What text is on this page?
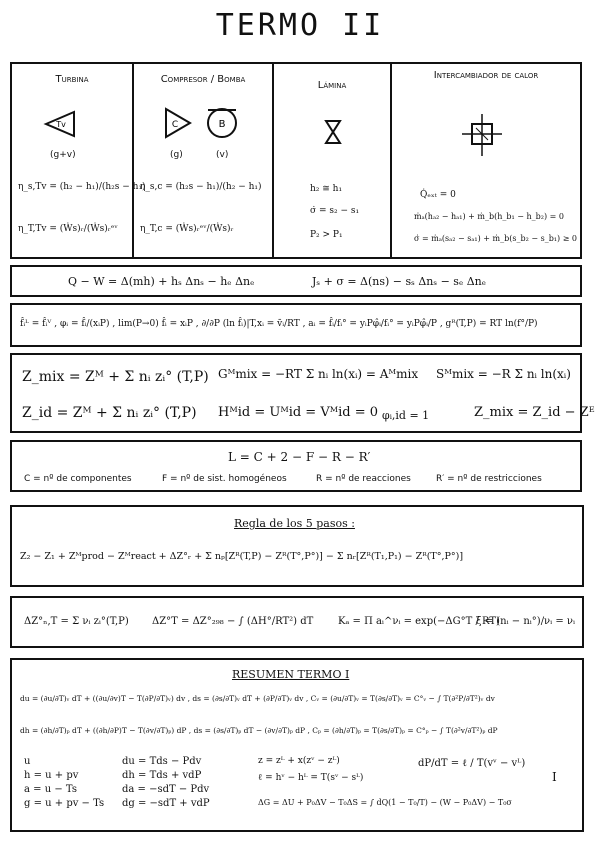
TERMO II
Turbina
Tv
(g+v)
η_s,Tv = (h₂ − h₁)/(h₂s − h₁)
η_T,Tv = (Ẇs)ᵣ/(Ẇs)ᵣᵉᵛ
Compresor / Bomba
C	B
(g)	(v)
η_s,c = (h₂s − h₁)/(h₂ − h₁)
η_T,c = (Ẇs)ᵣᵉᵛ/(Ẇs)ᵣ
Lámina
h₂ ≅ h₁
σ̇ = s₂ − s₁
P₂ > P₁
Intercambiador de calor
Q̇ₑₓₜ = 0
ṁₐ(hₐ₂ − hₐ₁) + ṁ_b(h_b₁ − h_b₂) = 0
σ̇ = ṁₐ(sₐ₂ − sₐ₁) + ṁ_b(s_b₂ − s_b₁) ≥ 0
Q − W = Δ(mh) + hₛ Δnₛ − hₑ Δnₑ	Jₛ + σ = Δ(ns) − sₛ Δnₛ − sₑ Δnₑ
f̂ᵢᴸ = f̂ᵢⱽ , φᵢ = f̂ᵢ/(xᵢP) , lim(P→0) f̂ᵢ = xᵢP , ∂/∂P (ln f̂ᵢ)|T,xᵢ = v̄ᵢ/RT , aᵢ = f̂ᵢ/fᵢ° = yᵢPφ̂ᵢ/fᵢ° = yᵢPφ̂ᵢ/P , gᴿ(T,P) = RT ln(f°/P)
Z_mix = Zᴹ + Σ nᵢ zᵢ° (T,P) Gᴹmix = −RT Σ nᵢ ln(xᵢ) = Aᴹmix Sᴹmix = −R Σ nᵢ ln(xᵢ)
Z_id = Zᴹ + Σ nᵢ zᵢ° (T,P) Hᴹid = Uᴹid = Vᴹid = 0 φᵢ,id = 1	Z_mix = Z_id − Zᴱ
L = C + 2 − F − R − R′
C = nº de componentes	F = nº de sist. homogéneos	R = nº de reacciones	R′ = nº de restricciones
Regla de los 5 pasos :
Z₂ − Z₁ + Zᴹprod − Zᴹreact + ΔZ°ᵣ + Σ nₚ[Zᴿ(T,P) − Zᴿ(T°,P°)] − Σ nᵣ[Zᴿ(T₁,P₁) − Zᴿ(T°,P°)]
ΔZ°ₙ,T = Σ νᵢ zᵢ°(T,P) ΔZ°T = ΔZ°₂₉₈ − ∫ (ΔH°/RT²) dT Kₐ = Π aᵢ^νᵢ = exp(−ΔG°T / RT)
ξ = (nᵢ − nᵢ°)/νᵢ = νᵢ
RESUMEN TERMO I
du = (∂u/∂T)ᵥ dT + ((∂u/∂v)T − T(∂P/∂T)ᵥ) dv , ds = (∂s/∂T)ᵥ dT + (∂P/∂T)ᵥ dv , Cᵥ = (∂u/∂T)ᵥ = T(∂s/∂T)ᵥ = C°ᵥ − ∫ T(∂²P/∂T²)ᵥ dv
dh = (∂h/∂T)ₚ dT + ((∂h/∂P)T − T(∂v/∂T)ₚ) dP , ds = (∂s/∂T)ₚ dT − (∂v/∂T)ₚ dP , Cₚ = (∂h/∂T)ₚ = T(∂s/∂T)ₚ = C°ₚ − ∫ T(∂²v/∂T²)ₚ dP
u
h = u + pv
a = u − Ts
g = u + pv − Ts
du = Tds − Pdv
dh = Tds + vdP
da = −sdT − Pdv
dg = −sdT + vdP
z = zᴸ + x(zᵛ − zᴸ)
ℓ = hᵛ − hᴸ = T(sᵛ − sᴸ)
ΔG = ΔU + P₀ΔV − T₀ΔS = ∫ dQ(1 − T₀/T) − (W − P₀ΔV) − T₀σ
dP/dT = ℓ / T(vᵛ − vᴸ)
I
